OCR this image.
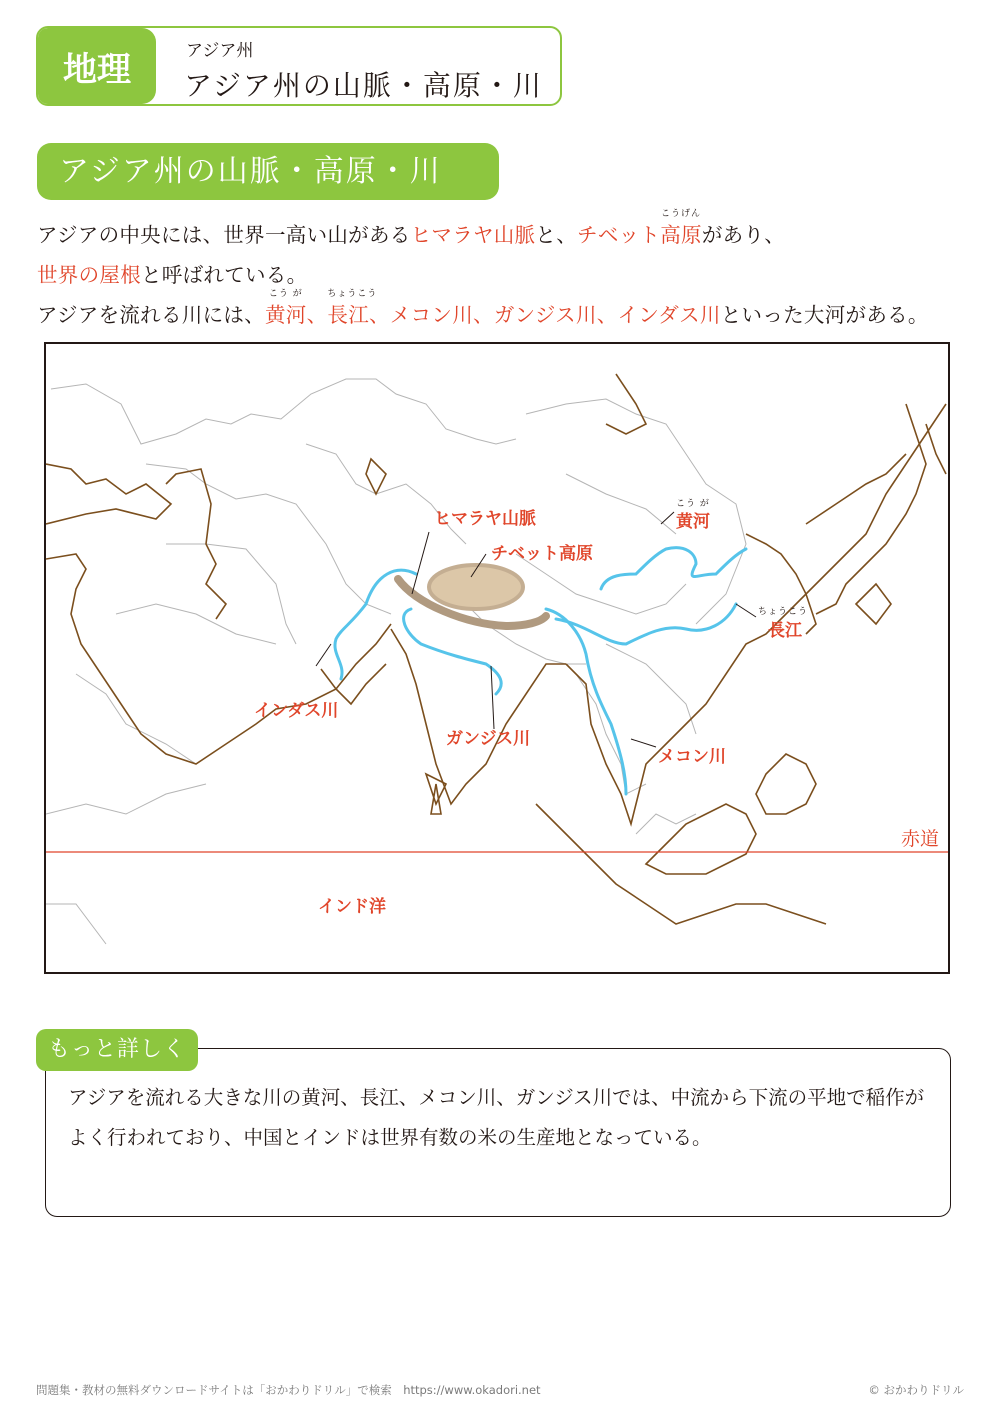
地理	アジア州
アジア州の山脈・高原・川
アジア州の山脈・高原・川
アジアの中央には、世界一高い山があるヒマラヤ山脈と、チベット
こうげん
高原があり、
世界の屋根と呼ばれている。
アジアを流れる川には、
こう が
黄河、
ちょうこう
長江、メコン川、ガンジス川、インダス川といった大河がある。
ヒマラヤ山脈
チベット高原
こう が
黄河
ちょうこう
長江
インダス川
ガンジス川
メコン川
インド洋
赤道
もっと詳しく
アジアを流れる大きな川の黄河、長江、メコン川、ガンジス川では、中流から下流の平地で稲作がよく行われており、中国とインドは世界有数の米の生産地となっている。
問題集・教材の無料ダウンロードサイトは「おかわりドリル」で検索　https://www.okadori.net	© おかわりドリル
